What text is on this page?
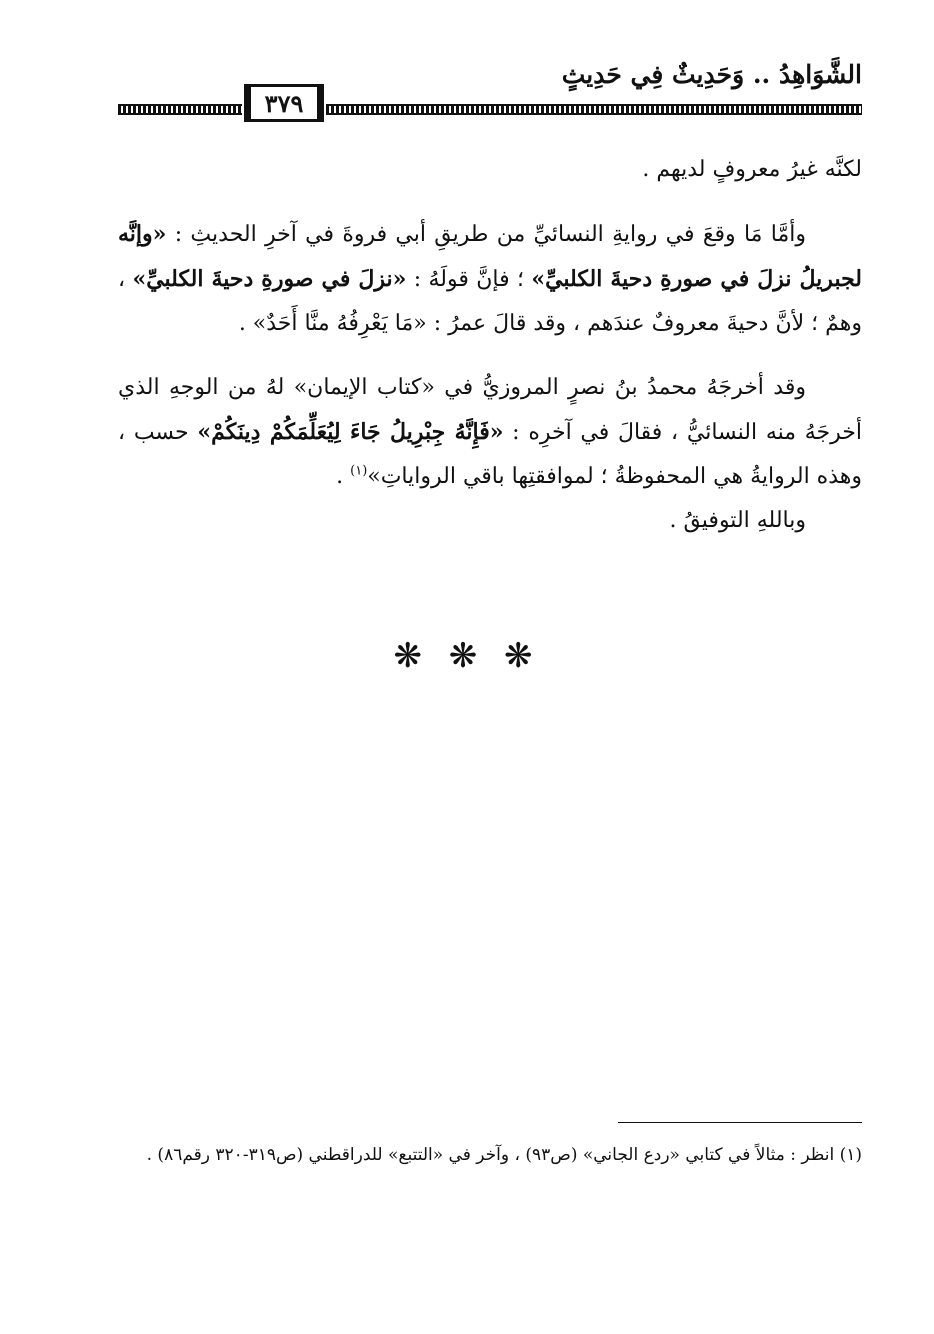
الشَّوَاهِدُ .. وَحَدِيثٌ فِي حَدِيثٍ
٣٧٩

لكنَّه غيرُ معروفٍ لديهم .

وأمَّا مَا وقعَ في روايةِ النسائيِّ من طريقِ أبي فروةَ في آخرِ الحديثِ : «وإنَّه لجبريلُ نزلَ في صورةِ دحيةَ الكلبيِّ» ؛ فإنَّ قولَهُ : «نزلَ في صورةِ دحيةَ الكلبيِّ» ، وهمٌ ؛ لأنَّ دحيةَ معروفٌ عندَهم ، وقد قالَ عمرُ : «مَا يَعْرِفُهُ منَّا أَحَدٌ» .

وقد أخرجَهُ محمدُ بنُ نصرٍ المروزيُّ في «كتاب الإيمان» لهُ من الوجهِ الذي أخرجَهُ منه النسائيُّ ، فقالَ في آخرِه : «فَإِنَّهُ جِبْرِيلُ جَاءَ لِيُعَلِّمَكُمْ دِينَكُمْ» حسب ، وهذه الروايةُ هي المحفوظةُ ؛ لموافقتِها باقي الرواياتِ»$^{(١)}$ .

وباللهِ التوفيقُ .

❋ ❋ ❋

(١) انظر : مثالاً في كتابي «ردع الجاني» (ص٩٣) ، وآخر في «التتبع» للدراقطني (ص٣١٩-٣٢٠ رقم٨٦) .
